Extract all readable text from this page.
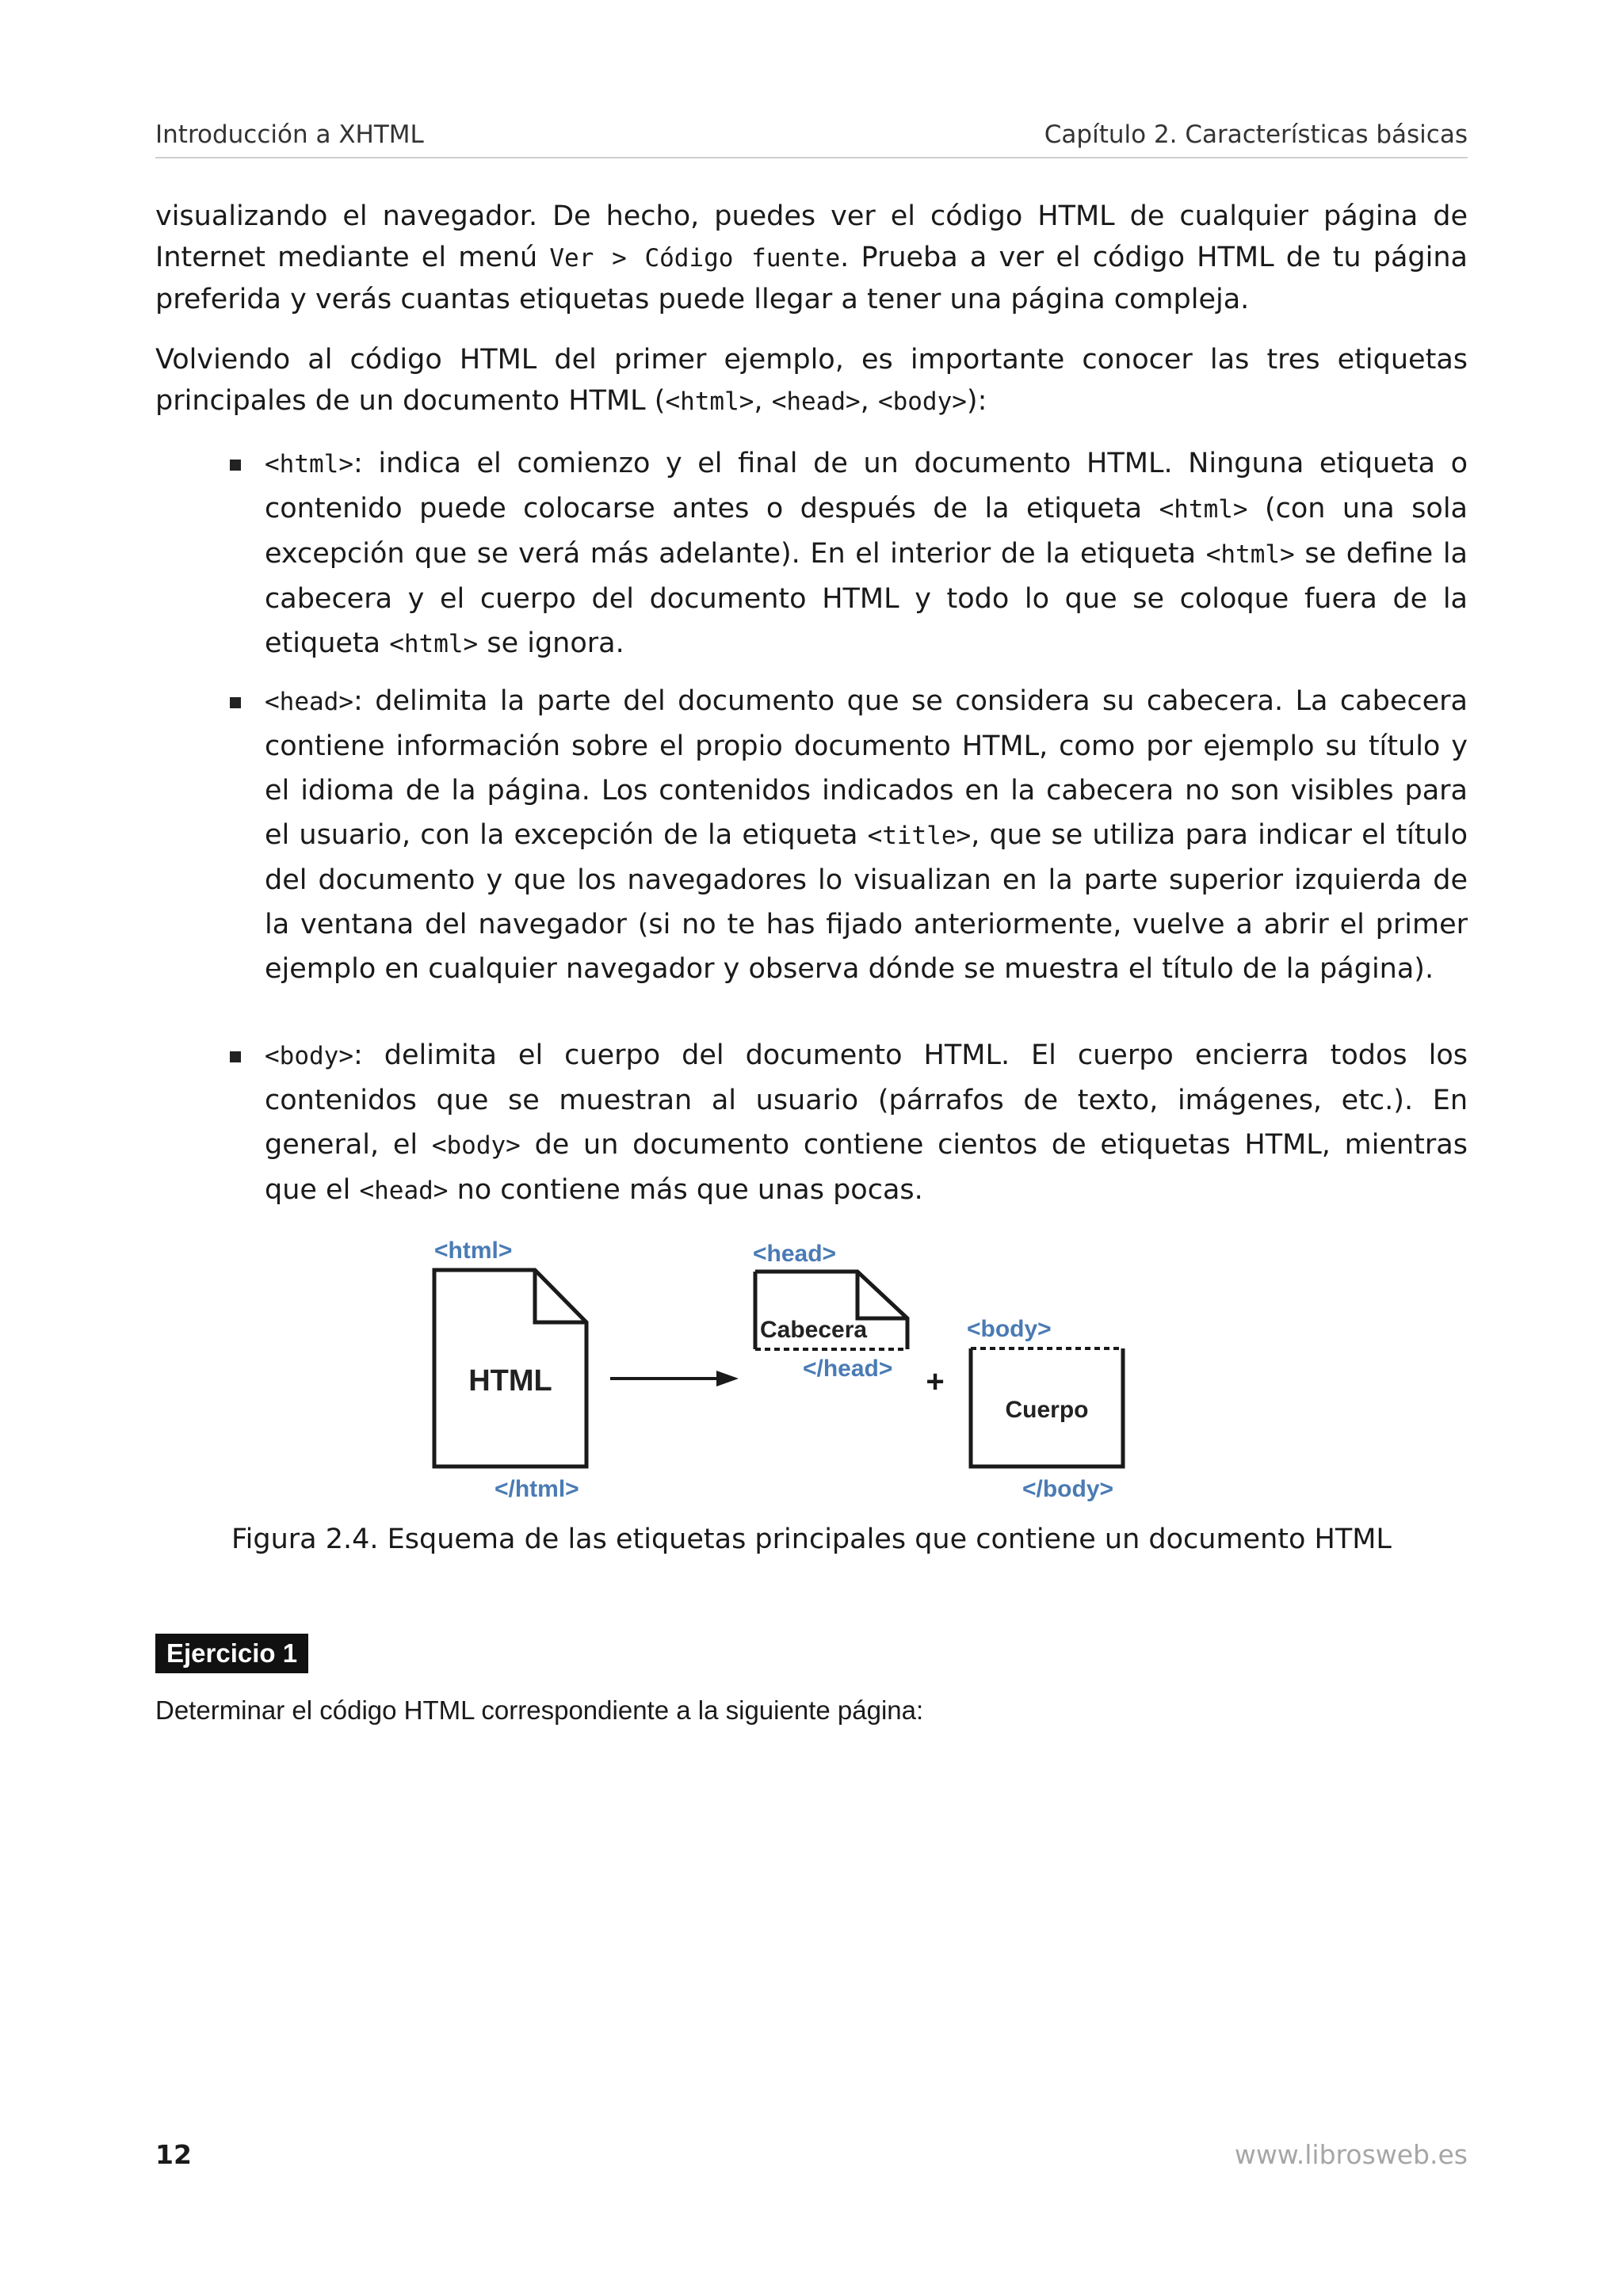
Introducción a XHTML	Capítulo 2. Características básicas

visualizando el navegador. De hecho, puedes ver el código HTML de cualquier página de Internet mediante el menú Ver > Código fuente. Prueba a ver el código HTML de tu página preferida y verás cuantas etiquetas puede llegar a tener una página compleja.

Volviendo al código HTML del primer ejemplo, es importante conocer las tres etiquetas principales de un documento HTML (<html>, <head>, <body>):

<html>: indica el comienzo y el final de un documento HTML. Ninguna etiqueta o contenido puede colocarse antes o después de la etiqueta <html> (con una sola excepción que se verá más adelante). En el interior de la etiqueta <html> se define la cabecera y el cuerpo del documento HTML y todo lo que se coloque fuera de la etiqueta <html> se ignora.

<head>: delimita la parte del documento que se considera su cabecera. La cabecera contiene información sobre el propio documento HTML, como por ejemplo su título y el idioma de la página. Los contenidos indicados en la cabecera no son visibles para el usuario, con la excepción de la etiqueta <title>, que se utiliza para indicar el título del documento y que los navegadores lo visualizan en la parte superior izquierda de la ventana del navegador (si no te has fijado anteriormente, vuelve a abrir el primer ejemplo en cualquier navegador y observa dónde se muestra el título de la página).

<body>: delimita el cuerpo del documento HTML. El cuerpo encierra todos los contenidos que se muestran al usuario (párrafos de texto, imágenes, etc.). En general, el <body> de un documento contiene cientos de etiquetas HTML, mientras que el <head> no contiene más que unas pocas.

<html>
HTML
</html>
<head>
Cabecera
</head> +
<body>
Cuerpo
</body>
Figura 2.4. Esquema de las etiquetas principales que contiene un documento HTML
Ejercicio 1
Determinar el código HTML correspondiente a la siguiente página:
12	www.librosweb.es
